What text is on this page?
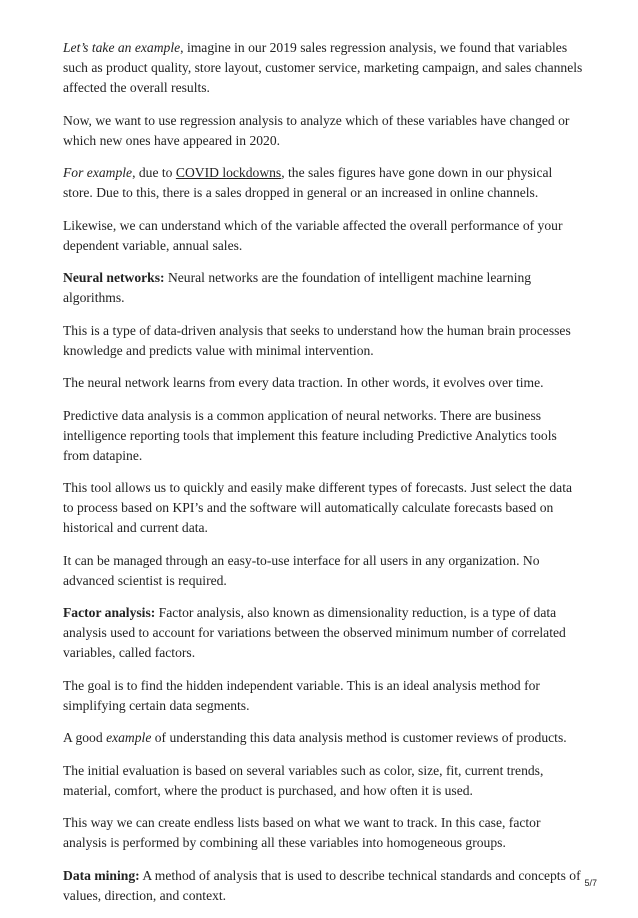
Let’s take an example, imagine in our 2019 sales regression analysis, we found that variables such as product quality, store layout, customer service, marketing campaign, and sales channels affected the overall results.

Now, we want to use regression analysis to analyze which of these variables have changed or which new ones have appeared in 2020.

For example, due to COVID lockdowns, the sales figures have gone down in our physical store. Due to this, there is a sales dropped in general or an increased in online channels.

Likewise, we can understand which of the variable affected the overall performance of your dependent variable, annual sales.

Neural networks: Neural networks are the foundation of intelligent machine learning algorithms.

This is a type of data-driven analysis that seeks to understand how the human brain processes knowledge and predicts value with minimal intervention.

The neural network learns from every data traction. In other words, it evolves over time.

Predictive data analysis is a common application of neural networks. There are business intelligence reporting tools that implement this feature including Predictive Analytics tools from datapine.

This tool allows us to quickly and easily make different types of forecasts. Just select the data to process based on KPI’s and the software will automatically calculate forecasts based on historical and current data.

It can be managed through an easy-to-use interface for all users in any organization. No advanced scientist is required.

Factor analysis: Factor analysis, also known as dimensionality reduction, is a type of data analysis used to account for variations between the observed minimum number of correlated variables, called factors.

The goal is to find the hidden independent variable. This is an ideal analysis method for simplifying certain data segments.

A good example of understanding this data analysis method is customer reviews of products.

The initial evaluation is based on several variables such as color, size, fit, current trends, material, comfort, where the product is purchased, and how often it is used.

This way we can create endless lists based on what we want to track. In this case, factor analysis is performed by combining all these variables into homogeneous groups.

Data mining: A method of analysis that is used to describe technical standards and concepts of values, direction, and context.

5/7
